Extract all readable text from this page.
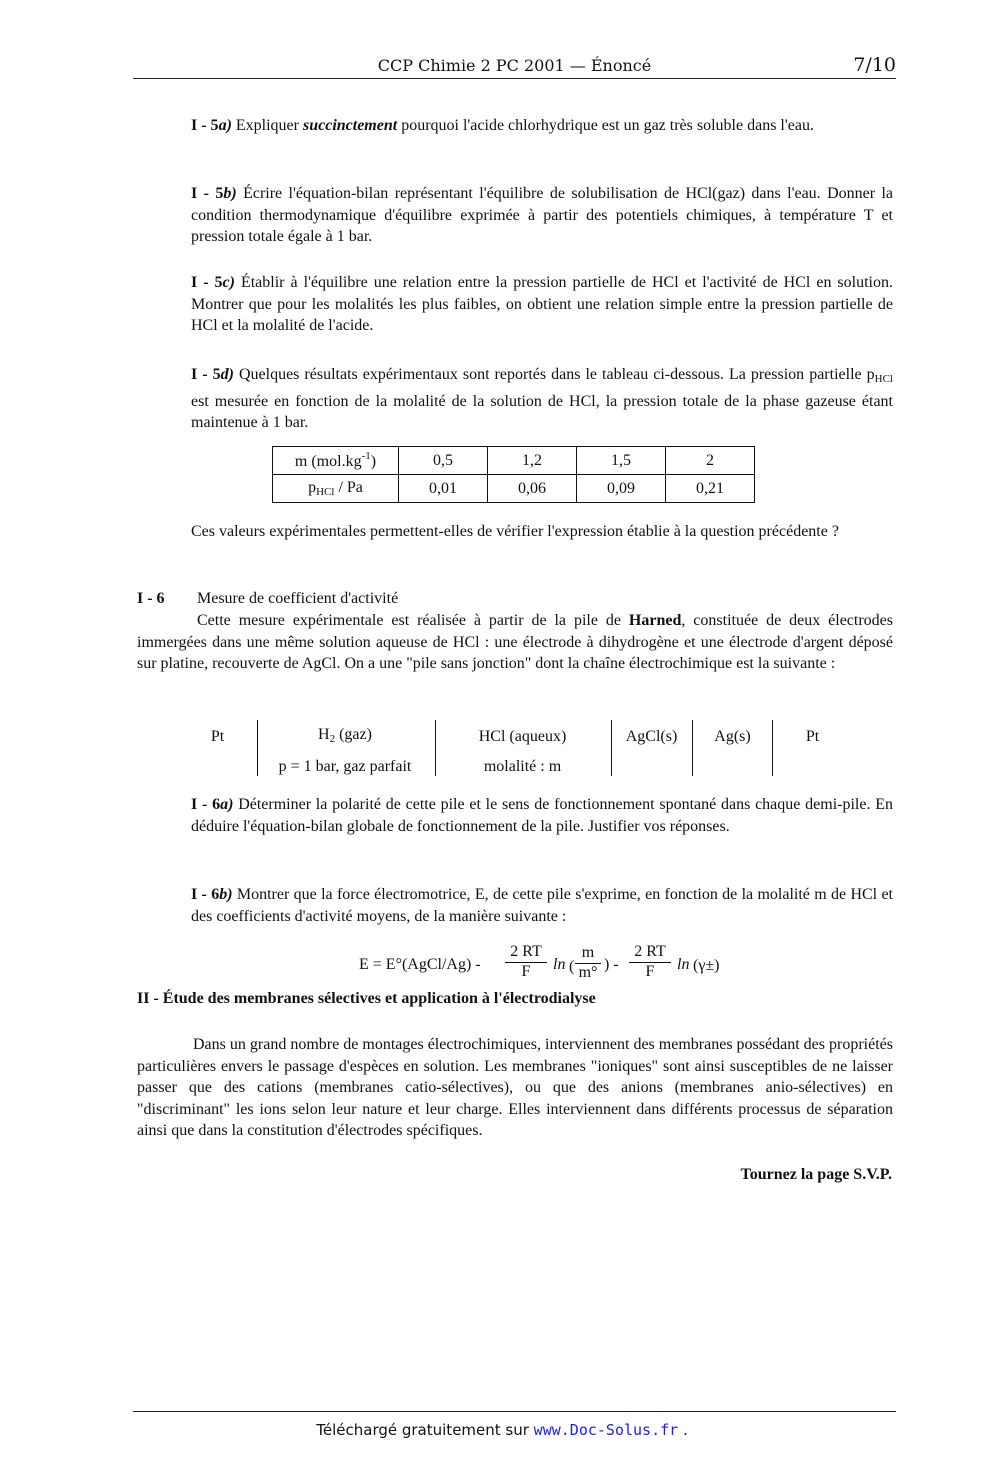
CCP Chimie 2 PC 2001 — Énoncé	7/10
I - 5a) Expliquer succinctement pourquoi l'acide chlorhydrique est un gaz très soluble dans l'eau.
I - 5b) Écrire l'équation-bilan représentant l'équilibre de solubilisation de HCl(gaz) dans l'eau. Donner la condition thermodynamique d'équilibre exprimée à partir des potentiels chimiques, à température T et pression totale égale à 1 bar.
I - 5c) Établir à l'équilibre une relation entre la pression partielle de HCl et l'activité de HCl en solution. Montrer que pour les molalités les plus faibles, on obtient une relation simple entre la pression partielle de HCl et la molalité de l'acide.
I - 5d) Quelques résultats expérimentaux sont reportés dans le tableau ci-dessous. La pression partielle $p_{HCl}$ est mesurée en fonction de la molalité de la solution de HCl, la pression totale de la phase gazeuse étant maintenue à 1 bar.
m $(mol.kg^{-1})$	0,5	1,2	1,5	2
$p_{HCl}$ / Pa	0,01	0,06	0,09	0,21
Ces valeurs expérimentales permettent-elles de vérifier l'expression établie à la question précédente ?
I - 6	Mesure de coefficient d'activité
Cette mesure expérimentale est réalisée à partir de la pile de Harned, constituée de deux électrodes immergées dans une même solution aqueuse de HCl : une électrode à dihydrogène et une électrode d'argent déposé sur platine, recouverte de AgCl. On a une "pile sans jonction" dont la chaîne électrochimique est la suivante :
Pt	$H_2$ (gaz)
p = 1 bar, gaz parfait
HCl (aqueux)
molalité : m
AgCl(s)	Ag(s)	Pt
I - 6a) Déterminer la polarité de cette pile et le sens de fonctionnement spontané dans chaque demi-pile. En déduire l'équation-bilan globale de fonctionnement de la pile. Justifier vos réponses.
I - 6b) Montrer que la force électromotrice, E, de cette pile s'exprime, en fonction de la molalité m de HCl et des coefficients d'activité moyens, de la manière suivante :
E = E°(AgCl/Ag) - $\frac{2 RT}{F}$ ln ( $\frac{m}{m^\circ}$ ) - $\frac{2 RT}{F}$ ln (γ±)
II - Étude des membranes sélectives et application à l'électrodialyse
Dans un grand nombre de montages électrochimiques, interviennent des membranes possédant des propriétés particulières envers le passage d'espèces en solution. Les membranes "ioniques" sont ainsi susceptibles de ne laisser passer que des cations (membranes catio-sélectives), ou que des anions (membranes anio-sélectives) en "discriminant" les ions selon leur nature et leur charge. Elles interviennent dans différents processus de séparation ainsi que dans la constitution d'électrodes spécifiques.
Tournez la page S.V.P.
Téléchargé gratuitement sur www.Doc-Solus.fr .
